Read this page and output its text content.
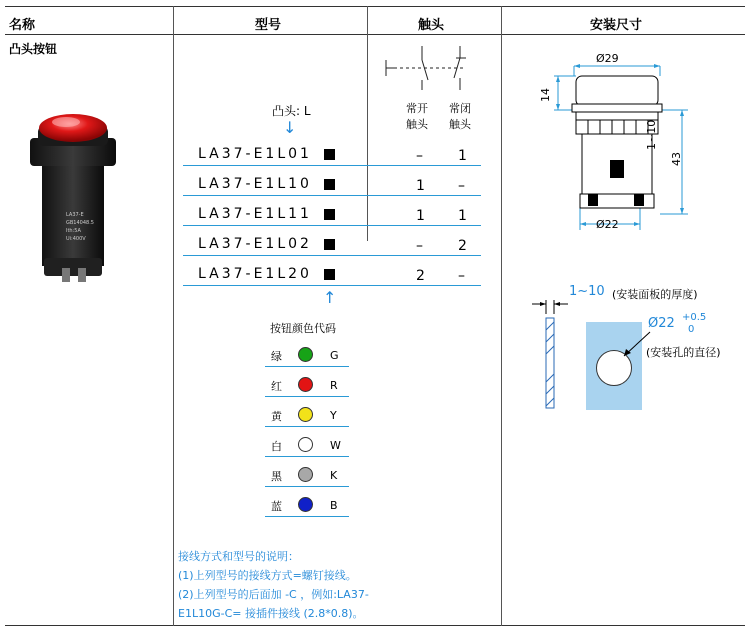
名称	型号	触头	安装尺寸
凸头按钮
LA37-E
GB14048.5
Ith:5A
Ui:400V
常开
触头
常闭
触头
凸头: L
↓
LA37-E1L01	–	1
LA37-E1L10	1 –
LA37-E1L11	1 1
LA37-E1L02	–	2
LA37-E1L20	2 –
↑
按钮颜色代码
绿	G
红	R
黄	Y
白	W
黑	K
蓝	B
接线方式和型号的说明：
(1)上列型号的接线方式=螺钉接线。
(2)上列型号的后面加 -C ，例如:LA37-
E1L10G-C= 接插件接线 (2.8*0.8)。
Ø29
14
1~10
43
Ø22
1~10 (安装面板的厚度)
Ø22 +0.5
0
(安装孔的直径)
